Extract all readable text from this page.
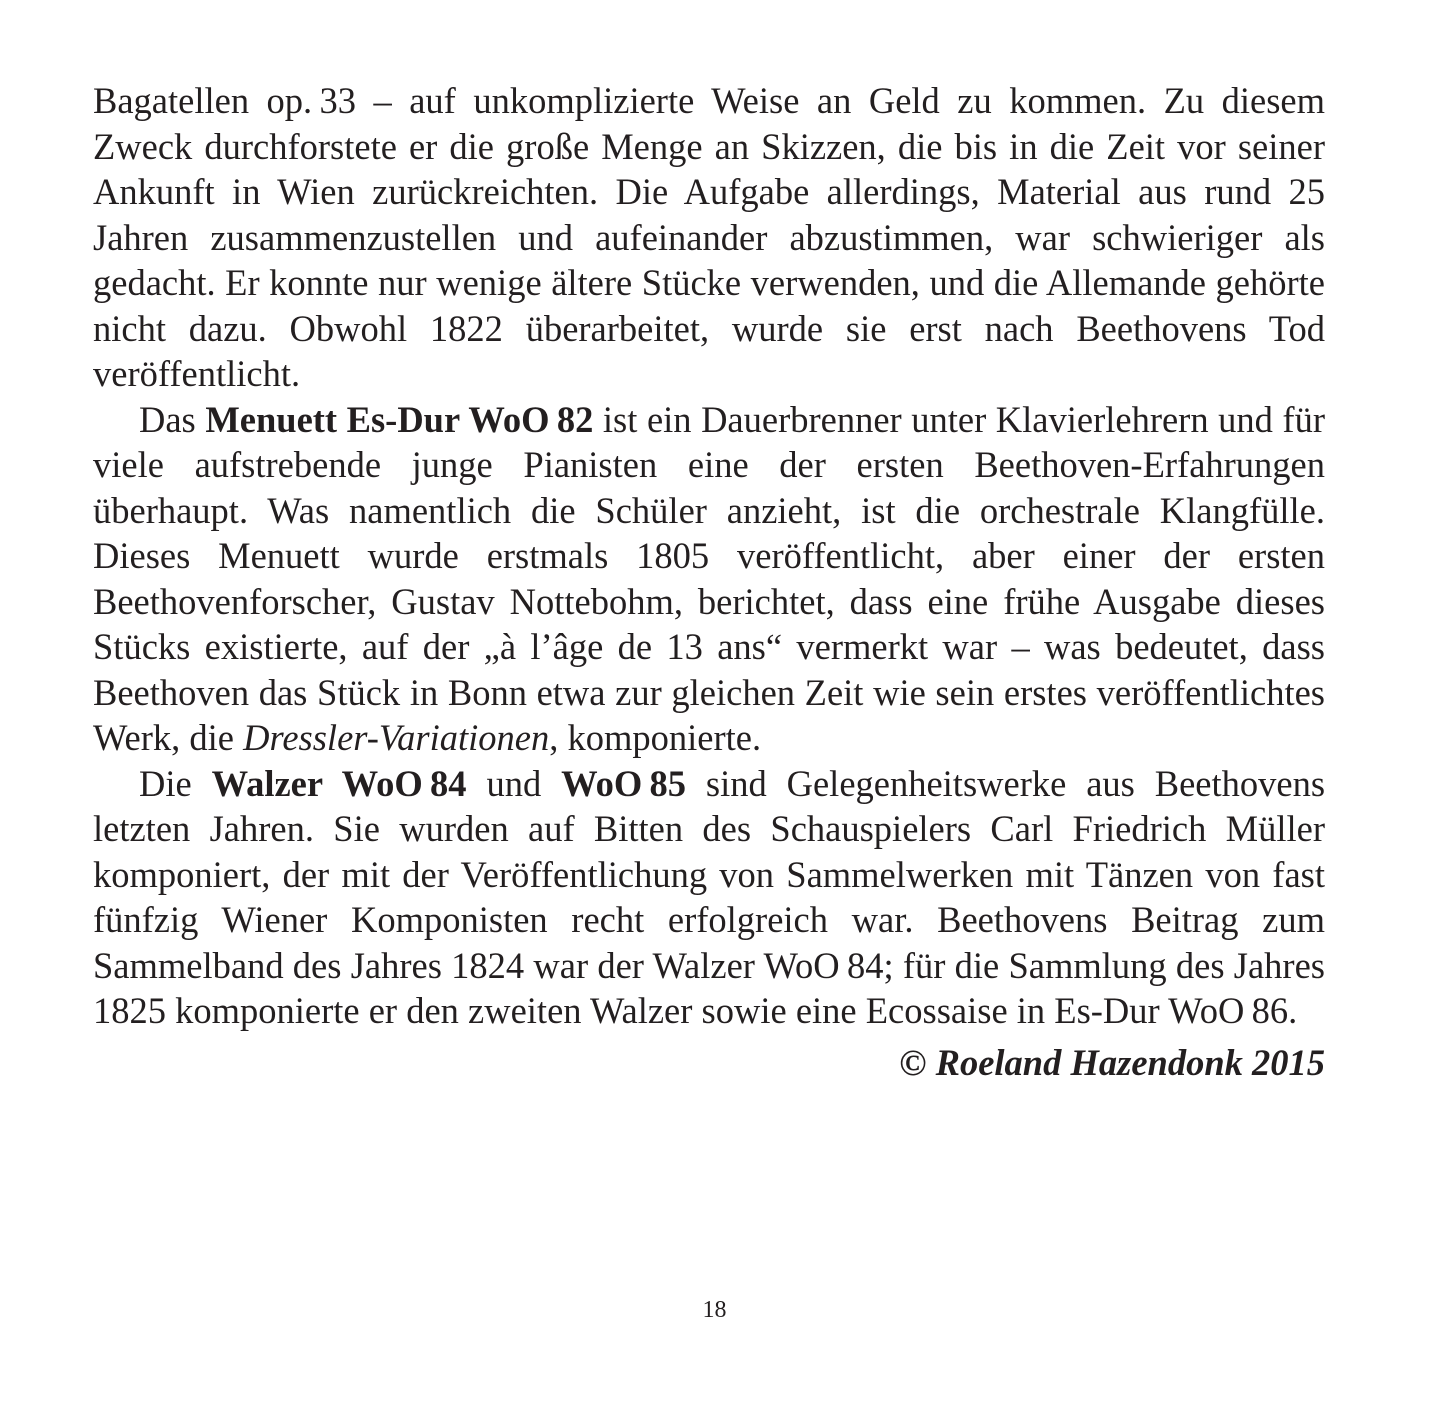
Bagatellen op. 33 – auf unkomplizierte Weise an Geld zu kommen. Zu diesem Zweck durchforstete er die große Menge an Skizzen, die bis in die Zeit vor seiner Ankunft in Wien zurückreichten. Die Aufgabe allerdings, Material aus rund 25 Jahren zusammenzustellen und aufeinander abzustimmen, war schwieriger als gedacht. Er konnte nur wenige ältere Stücke verwenden, und die Allemande gehörte nicht dazu. Obwohl 1822 überarbeitet, wurde sie erst nach Beethovens Tod veröffentlicht.

Das Menuett Es-Dur WoO 82 ist ein Dauerbrenner unter Klavierlehrern und für viele aufstrebende junge Pianisten eine der ersten Beethoven-Erfahrungen überhaupt. Was namentlich die Schüler anzieht, ist die orchestrale Klangfülle. Dieses Menuett wurde erstmals 1805 veröffentlicht, aber einer der ersten Beethovenforscher, Gustav Nottebohm, berichtet, dass eine frühe Ausgabe dieses Stücks existierte, auf der „à l’âge de 13 ans“ vermerkt war – was bedeutet, dass Beethoven das Stück in Bonn etwa zur gleichen Zeit wie sein erstes veröffentlichtes Werk, die Dressler-Variationen, komponierte.

Die Walzer WoO 84 und WoO 85 sind Gelegenheitswerke aus Beethovens letzten Jahren. Sie wurden auf Bitten des Schauspielers Carl Friedrich Müller komponiert, der mit der Veröffentlichung von Sammelwerken mit Tänzen von fast fünfzig Wiener Komponisten recht erfolgreich war. Beethovens Beitrag zum Sammelband des Jahres 1824 war der Walzer WoO 84; für die Sammlung des Jahres 1825 komponierte er den zweiten Walzer sowie eine Ecossaise in Es-Dur WoO 86.

© Roeland Hazendonk 2015

18
